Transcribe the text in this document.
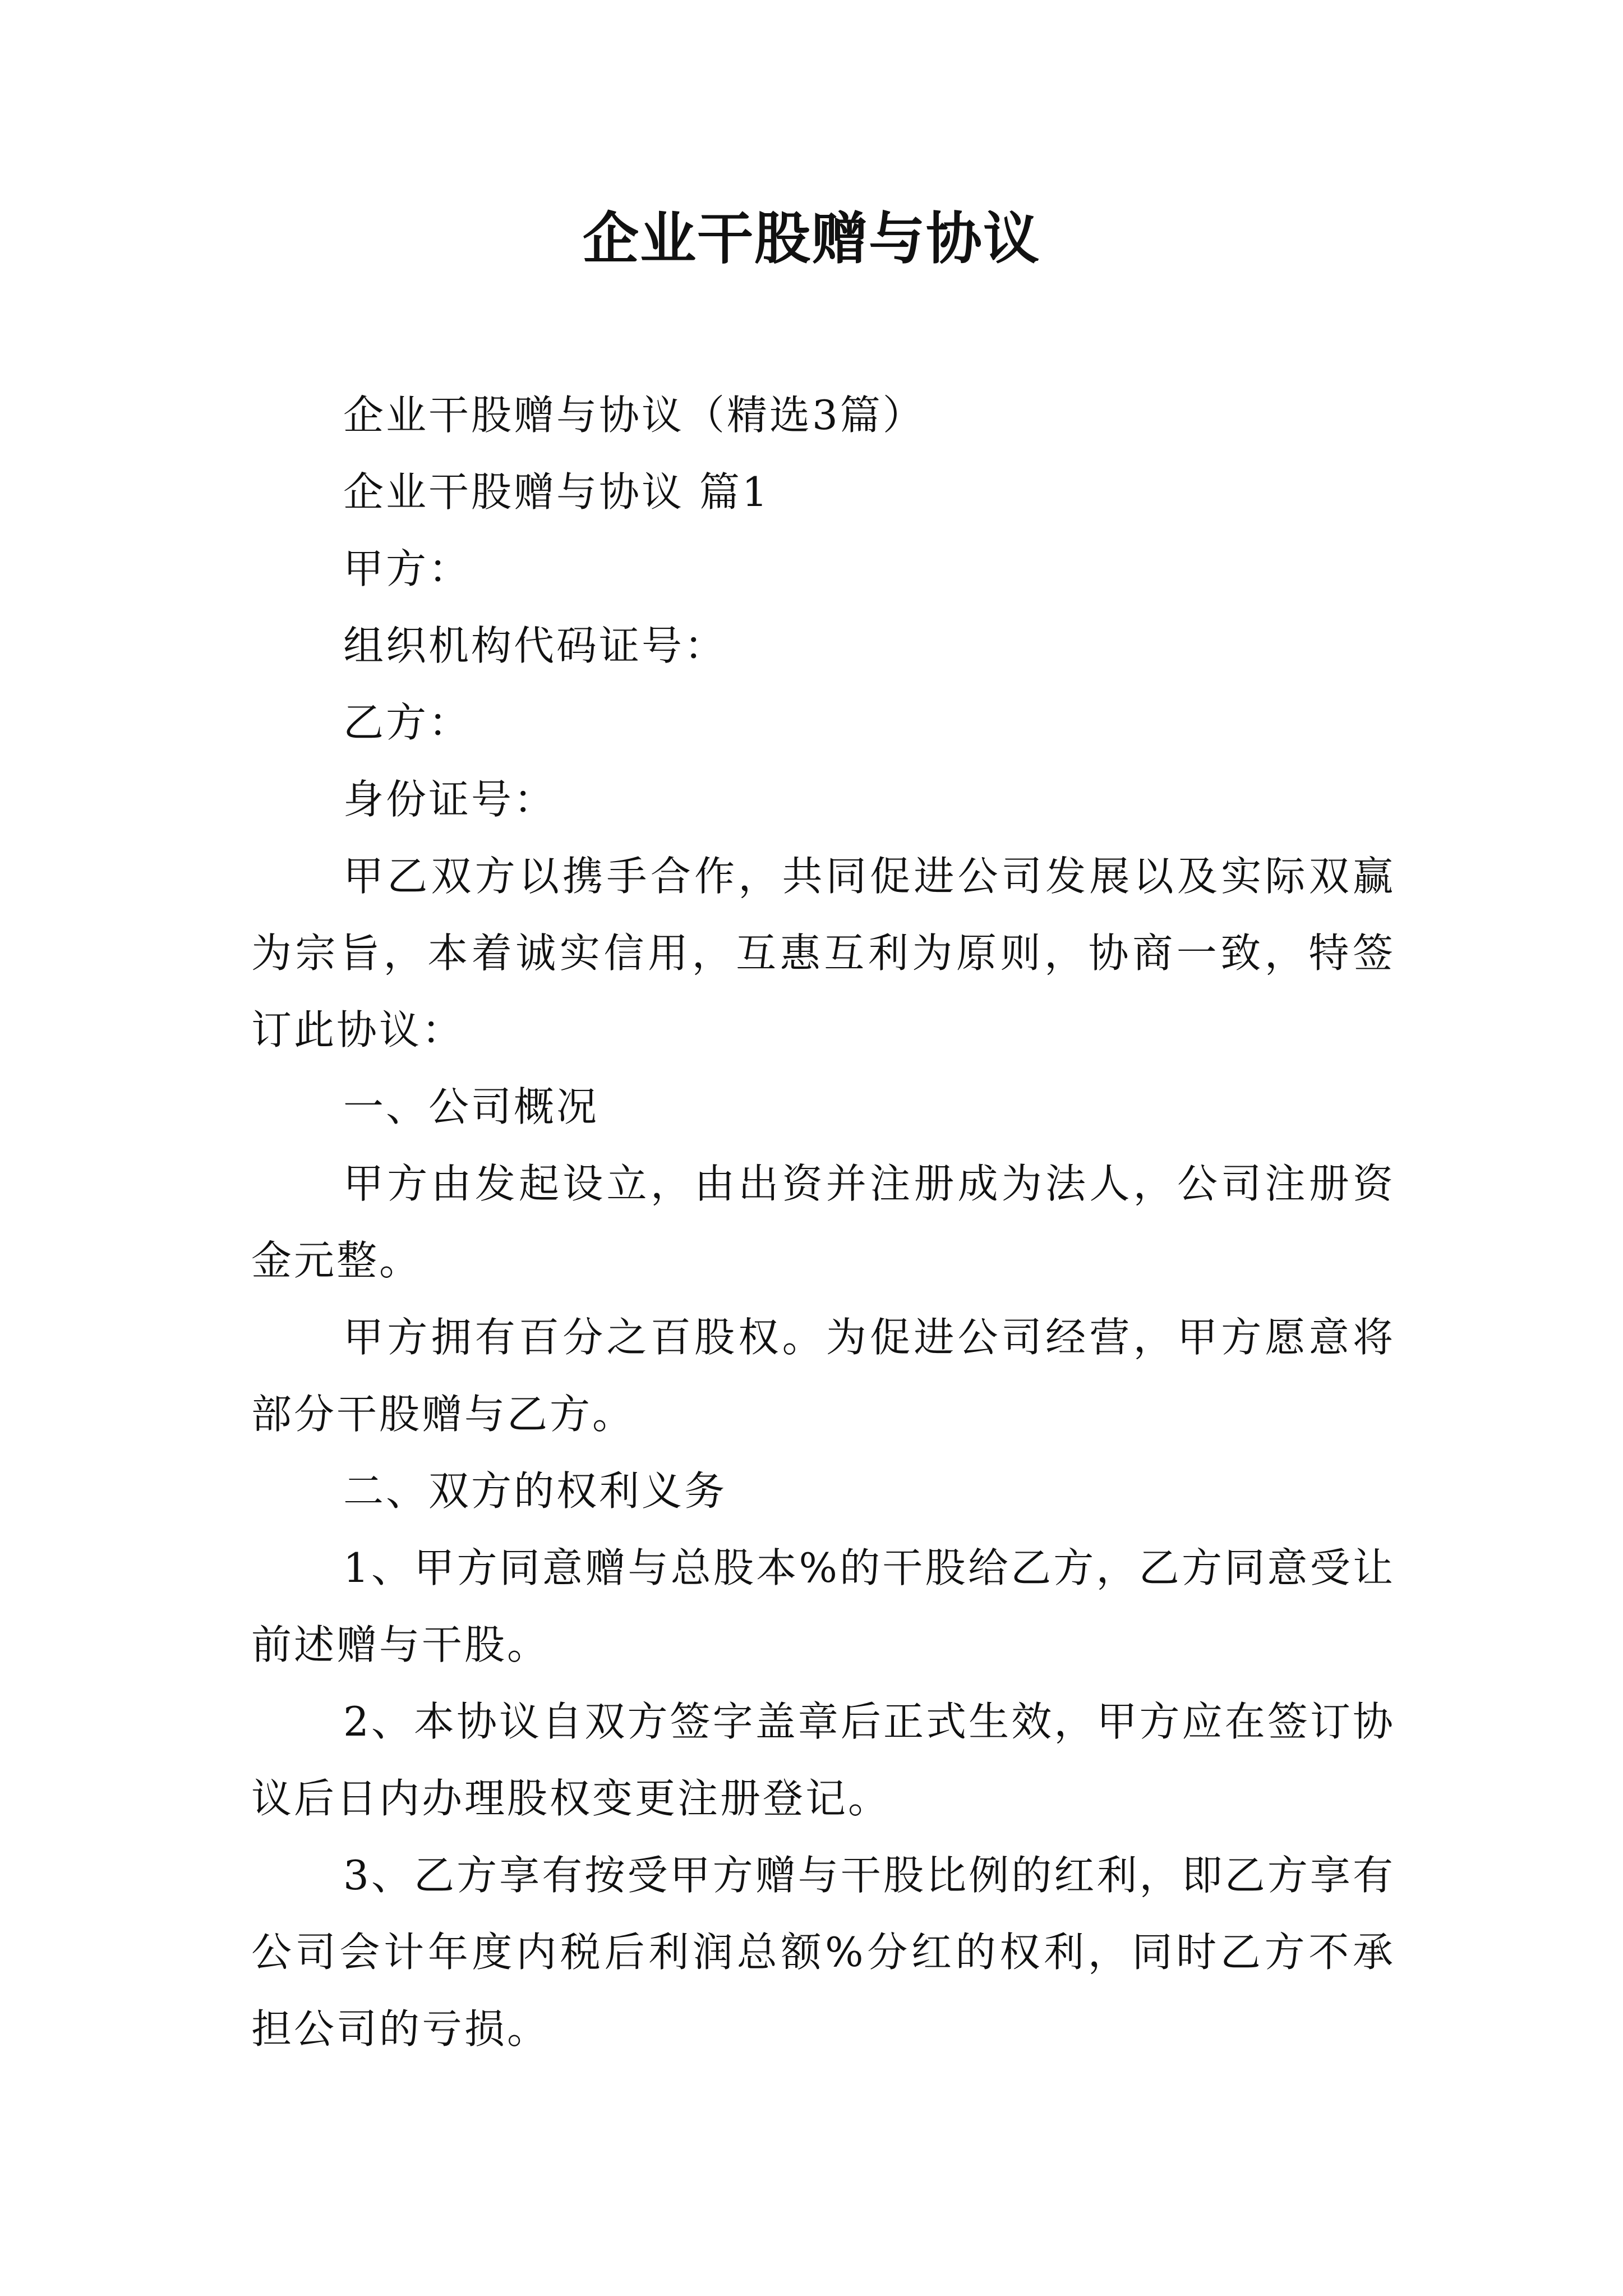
企业干股赠与协议

企业干股赠与协议（精选3篇）

企业干股赠与协议 篇1

甲方：

组织机构代码证号：

乙方：

身份证号：

甲乙双方以携手合作，共同促进公司发展以及实际双赢为宗旨，本着诚实信用，互惠互利为原则，协商一致，特签订此协议：

一、公司概况

甲方由发起设立，由出资并注册成为法人，公司注册资金元整。

甲方拥有百分之百股权。为促进公司经营，甲方愿意将部分干股赠与乙方。

二、双方的权利义务

1、甲方同意赠与总股本%的干股给乙方，乙方同意受让前述赠与干股。

2、本协议自双方签字盖章后正式生效，甲方应在签订协议后日内办理股权变更注册登记。

3、乙方享有按受甲方赠与干股比例的红利，即乙方享有公司会计年度内税后利润总额%分红的权利，同时乙方不承担公司的亏损。
